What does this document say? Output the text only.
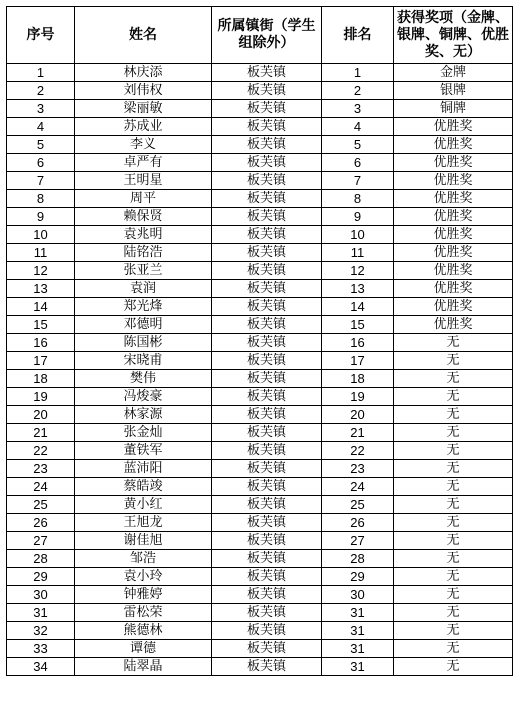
序号	姓名	所属镇街（学生组除外）	排名	获得奖项（金牌、银牌、铜牌、优胜奖、无）
1	林庆添	板芙镇	1	金牌
2	刘伟权	板芙镇	2	银牌
3	梁丽敏	板芙镇	3	铜牌
4	苏成业	板芙镇	4	优胜奖
5	李义	板芙镇	5	优胜奖
6	卓严有	板芙镇	6	优胜奖
7	王明星	板芙镇	7	优胜奖
8	周平	板芙镇	8	优胜奖
9	赖保贤	板芙镇	9	优胜奖
10	袁兆明	板芙镇	10	优胜奖
11	陆铭浩	板芙镇	11	优胜奖
12	张亚兰	板芙镇	12	优胜奖
13	袁润	板芙镇	13	优胜奖
14	郑光烽	板芙镇	14	优胜奖
15	邓德明	板芙镇	15	优胜奖
16	陈国彬	板芙镇	16	无
17	宋晓甫	板芙镇	17	无
18	樊伟	板芙镇	18	无
19	冯焌豪	板芙镇	19	无
20	林家源	板芙镇	20	无
21	张金灿	板芙镇	21	无
22	董铁军	板芙镇	22	无
23	蓝沛阳	板芙镇	23	无
24	蔡皓竣	板芙镇	24	无
25	黄小红	板芙镇	25	无
26	王旭龙	板芙镇	26	无
27	谢佳旭	板芙镇	27	无
28	邹浩	板芙镇	28	无
29	袁小玲	板芙镇	29	无
30	钟雅婷	板芙镇	30	无
31	雷松荣	板芙镇	31	无
32	熊德林	板芙镇	31	无
33	谭德	板芙镇	31	无
34	陆翠晶	板芙镇	31	无
